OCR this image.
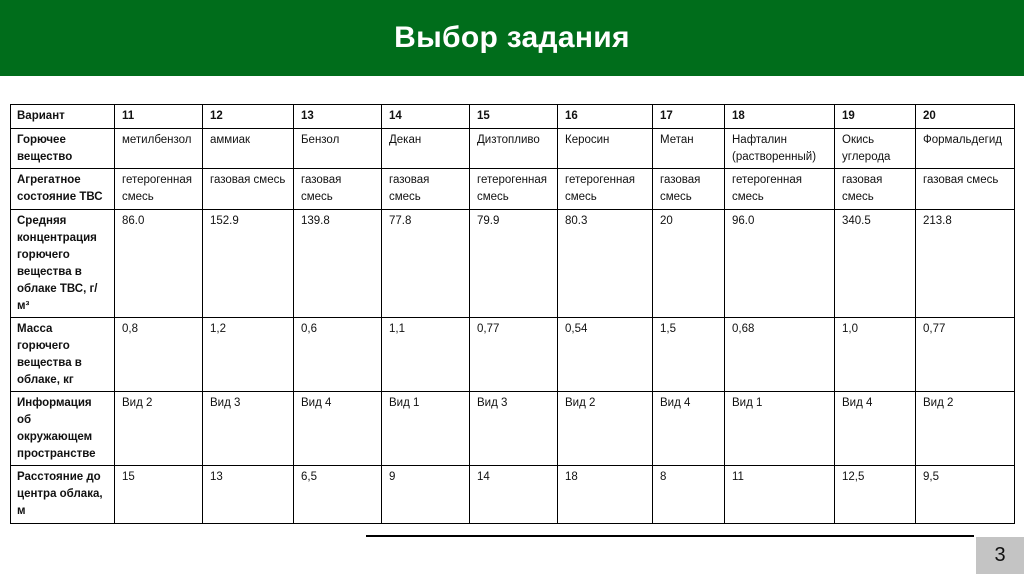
Выбор задания
Вариант	11	12	13	14	15	16	17	18	19	20
Горючее вещество	метилбензол	аммиак	Бензол	Декан	Дизтопливо	Керосин	Метан	Нафталин (растворенный)	Окись углерода	Формальдегид
Агрегатное состояние ТВС	гетерогенная смесь	газовая смесь	газовая смесь	газовая смесь	гетерогенная смесь	гетерогенная смесь	газовая смесь	гетерогенная смесь	газовая смесь	газовая смесь
Средняя концентрация горючего вещества в облаке ТВС, г/м³	86.0	152.9	139.8	77.8	79.9	80.3	20	96.0	340.5	213.8
Масса горючего вещества в облаке, кг	0,8	1,2	0,6	1,1	0,77	0,54	1,5	0,68	1,0	0,77
Информация об окружающем пространстве	Вид 2	Вид 3	Вид 4	Вид 1	Вид 3	Вид 2	Вид 4	Вид 1	Вид 4	Вид 2
Расстояние до центра облака, м	15	13	6,5	9	14	18	8	11	12,5	9,5
3
